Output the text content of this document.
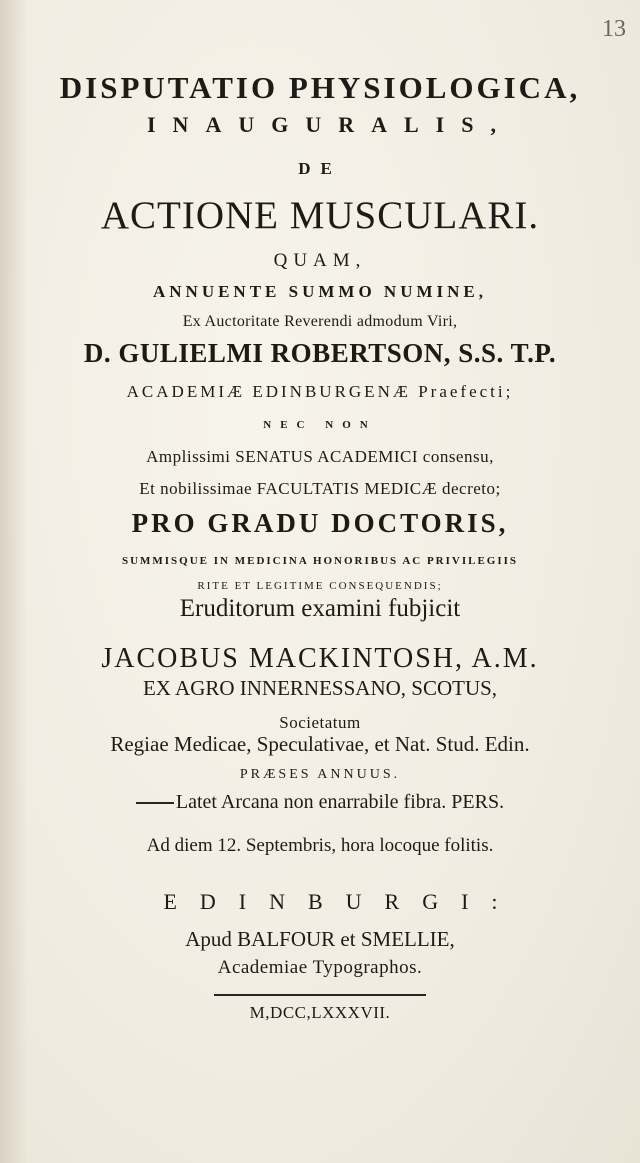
13
DISPUTATIO PHYSIOLOGICA,
INAUGURALIS,
DE
ACTIONE MUSCULARI.
QUAM,
ANNUENTE SUMMO NUMINE,
Ex Auctoritate Reverendi admodum Viri,
D. GULIELMI ROBERTSON, S.S. T.P.
ACADEMIÆ EDINBURGENÆ Praefecti;
NEC NON
Amplissimi SENATUS ACADEMICI consensu,
Et nobilissimae FACULTATIS MEDICÆ decreto;
PRO GRADU DOCTORIS,
SUMMISQUE IN MEDICINA HONORIBUS AC PRIVILEGIIS
RITE ET LEGITIME CONSEQUENDIS;
Eruditorum examini fubjicit
JACOBUS MACKINTOSH, A.M.
EX AGRO INNERNESSANO, SCOTUS,
Societatum
Regiae Medicae, Speculativae, et Nat. Stud. Edin.
PRÆSES ANNUUS.
Latet Arcana non enarrabile fibra. PERS.
Ad diem 12. Septembris, hora locoque folitis.
EDINBURGI:
Apud BALFOUR et SMELLIE,
Academiae Typographos.
M,DCC,LXXXVII.
